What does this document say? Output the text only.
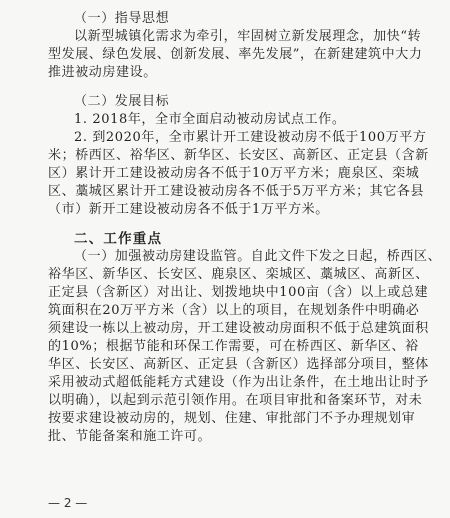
（一）指导思想
以新型城镇化需求为牵引，牢固树立新发展理念，加快“转
型发展、绿色发展、创新发展、率先发展”，在新建建筑中大力
推进被动房建设。
（二）发展目标
1. 2018年，全市全面启动被动房试点工作。
2. 到2020年，全市累计开工建设被动房不低于100万平方
米；桥西区、裕华区、新华区、长安区、高新区、正定县（含新
区）累计开工建设被动房各不低于10万平方米；鹿泉区、栾城
区、藁城区累计开工建设被动房各不低于5万平方米；其它各县
（市）新开工建设被动房各不低于1万平方米。
二、工作重点
（一）加强被动房建设监管。自此文件下发之日起，桥西区、
裕华区、新华区、长安区、鹿泉区、栾城区、藁城区、高新区、
正定县（含新区）对出让、划拨地块中100亩（含）以上或总建
筑面积在20万平方米（含）以上的项目，在规划条件中明确必
须建设一栋以上被动房，开工建设被动房面积不低于总建筑面积
的10%；根据节能和环保工作需要，可在桥西区、新华区、裕
华区、长安区、高新区、正定县（含新区）选择部分项目，整体
采用被动式超低能耗方式建设（作为出让条件，在土地出让时予
以明确），以起到示范引领作用。在项目审批和备案环节，对未
按要求建设被动房的，规划、住建、审批部门不予办理规划审
批、节能备案和施工许可。
— 2 —
